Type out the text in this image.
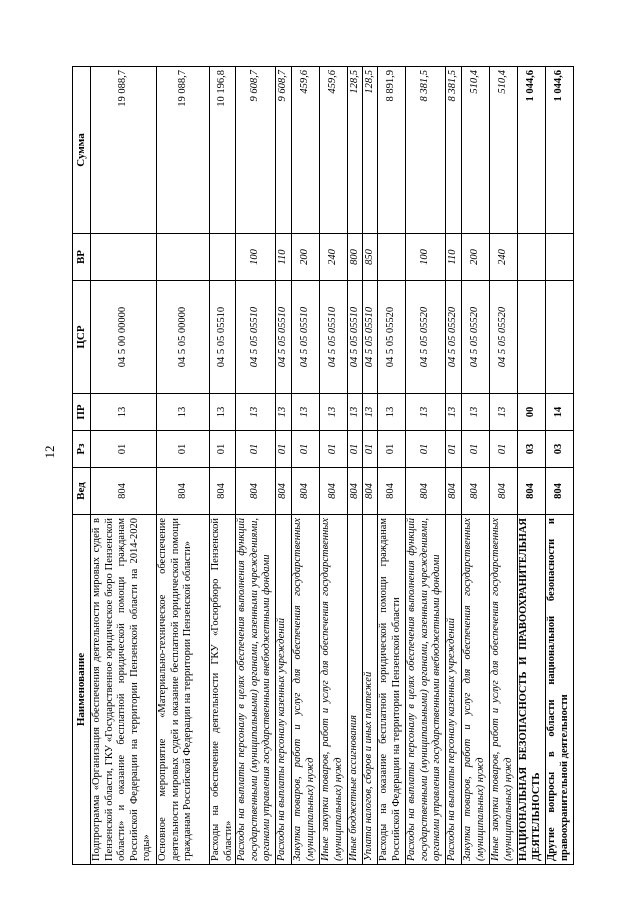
12
Наименование	Вед	Рз	ПР	ЦСР	ВР	Сумма
Подпрограмма «Организация обеспечения деятельности мировых судей в Пензенской области, ГКУ «Государственное юридическое бюро Пензенской области» и оказание бесплатной юридической помощи гражданам Российской Федерации на территории Пензенской области на 2014-2020 годы»	804	01	13	04 5 00 00000		19 088,7
Основное мероприятие «Материально-техническое обеспечение деятельности мировых судей и оказание бесплатной юридической помощи гражданам Российской Федерации на территории Пензенской области»	804	01	13	04 5 05 00000		19 088,7
Расходы на обеспечение деятельности ГКУ «Госюрбюро Пензенской области»	804	01	13	04 5 05 05510		10 196,8
Расходы на выплаты персоналу в целях обеспечения выполнения функций государственными (муниципальными) органами, казенными учреждениями, органами управления государственными внебюджетными фондами	804	01	13	04 5 05 05510	100	9 608,7
Расходы на выплаты персоналу казенных учреждений	804	01	13	04 5 05 05510	110	9 608,7
Закупка товаров, работ и услуг для обеспечения государственных (муниципальных) нужд	804	01	13	04 5 05 05510	200	459,6
Иные закупки товаров, работ и услуг для обеспечения государственных (муниципальных) нужд	804	01	13	04 5 05 05510	240	459,6
Иные бюджетные ассигнования	804	01	13	04 5 05 05510	800	128,5
Уплата налогов, сборов и иных платежей	804	01	13	04 5 05 05510	850	128,5
Расходы на оказание бесплатной юридической помощи гражданам Российской Федерации на территории Пензенской области	804	01	13	04 5 05 05520		8 891,9
Расходы на выплаты персоналу в целях обеспечения выполнения функций государственными (муниципальными) органами, казенными учреждениями, органами управления государственными внебюджетными фондами	804	01	13	04 5 05 05520	100	8 381,5
Расходы на выплаты персоналу казенных учреждений	804	01	13	04 5 05 05520	110	8 381,5
Закупка товаров, работ и услуг для обеспечения государственных (муниципальных) нужд	804	01	13	04 5 05 05520	200	510,4
Иные закупки товаров, работ и услуг для обеспечения государственных (муниципальных) нужд	804	01	13	04 5 05 05520	240	510,4
НАЦИОНАЛЬНАЯ БЕЗОПАСНОСТЬ И ПРАВООХРАНИТЕЛЬНАЯ ДЕЯТЕЛЬНОСТЬ	804	03	00			1 044,6
Другие вопросы в области национальной безопасности и правоохранительной деятельности	804	03	14			1 044,6
